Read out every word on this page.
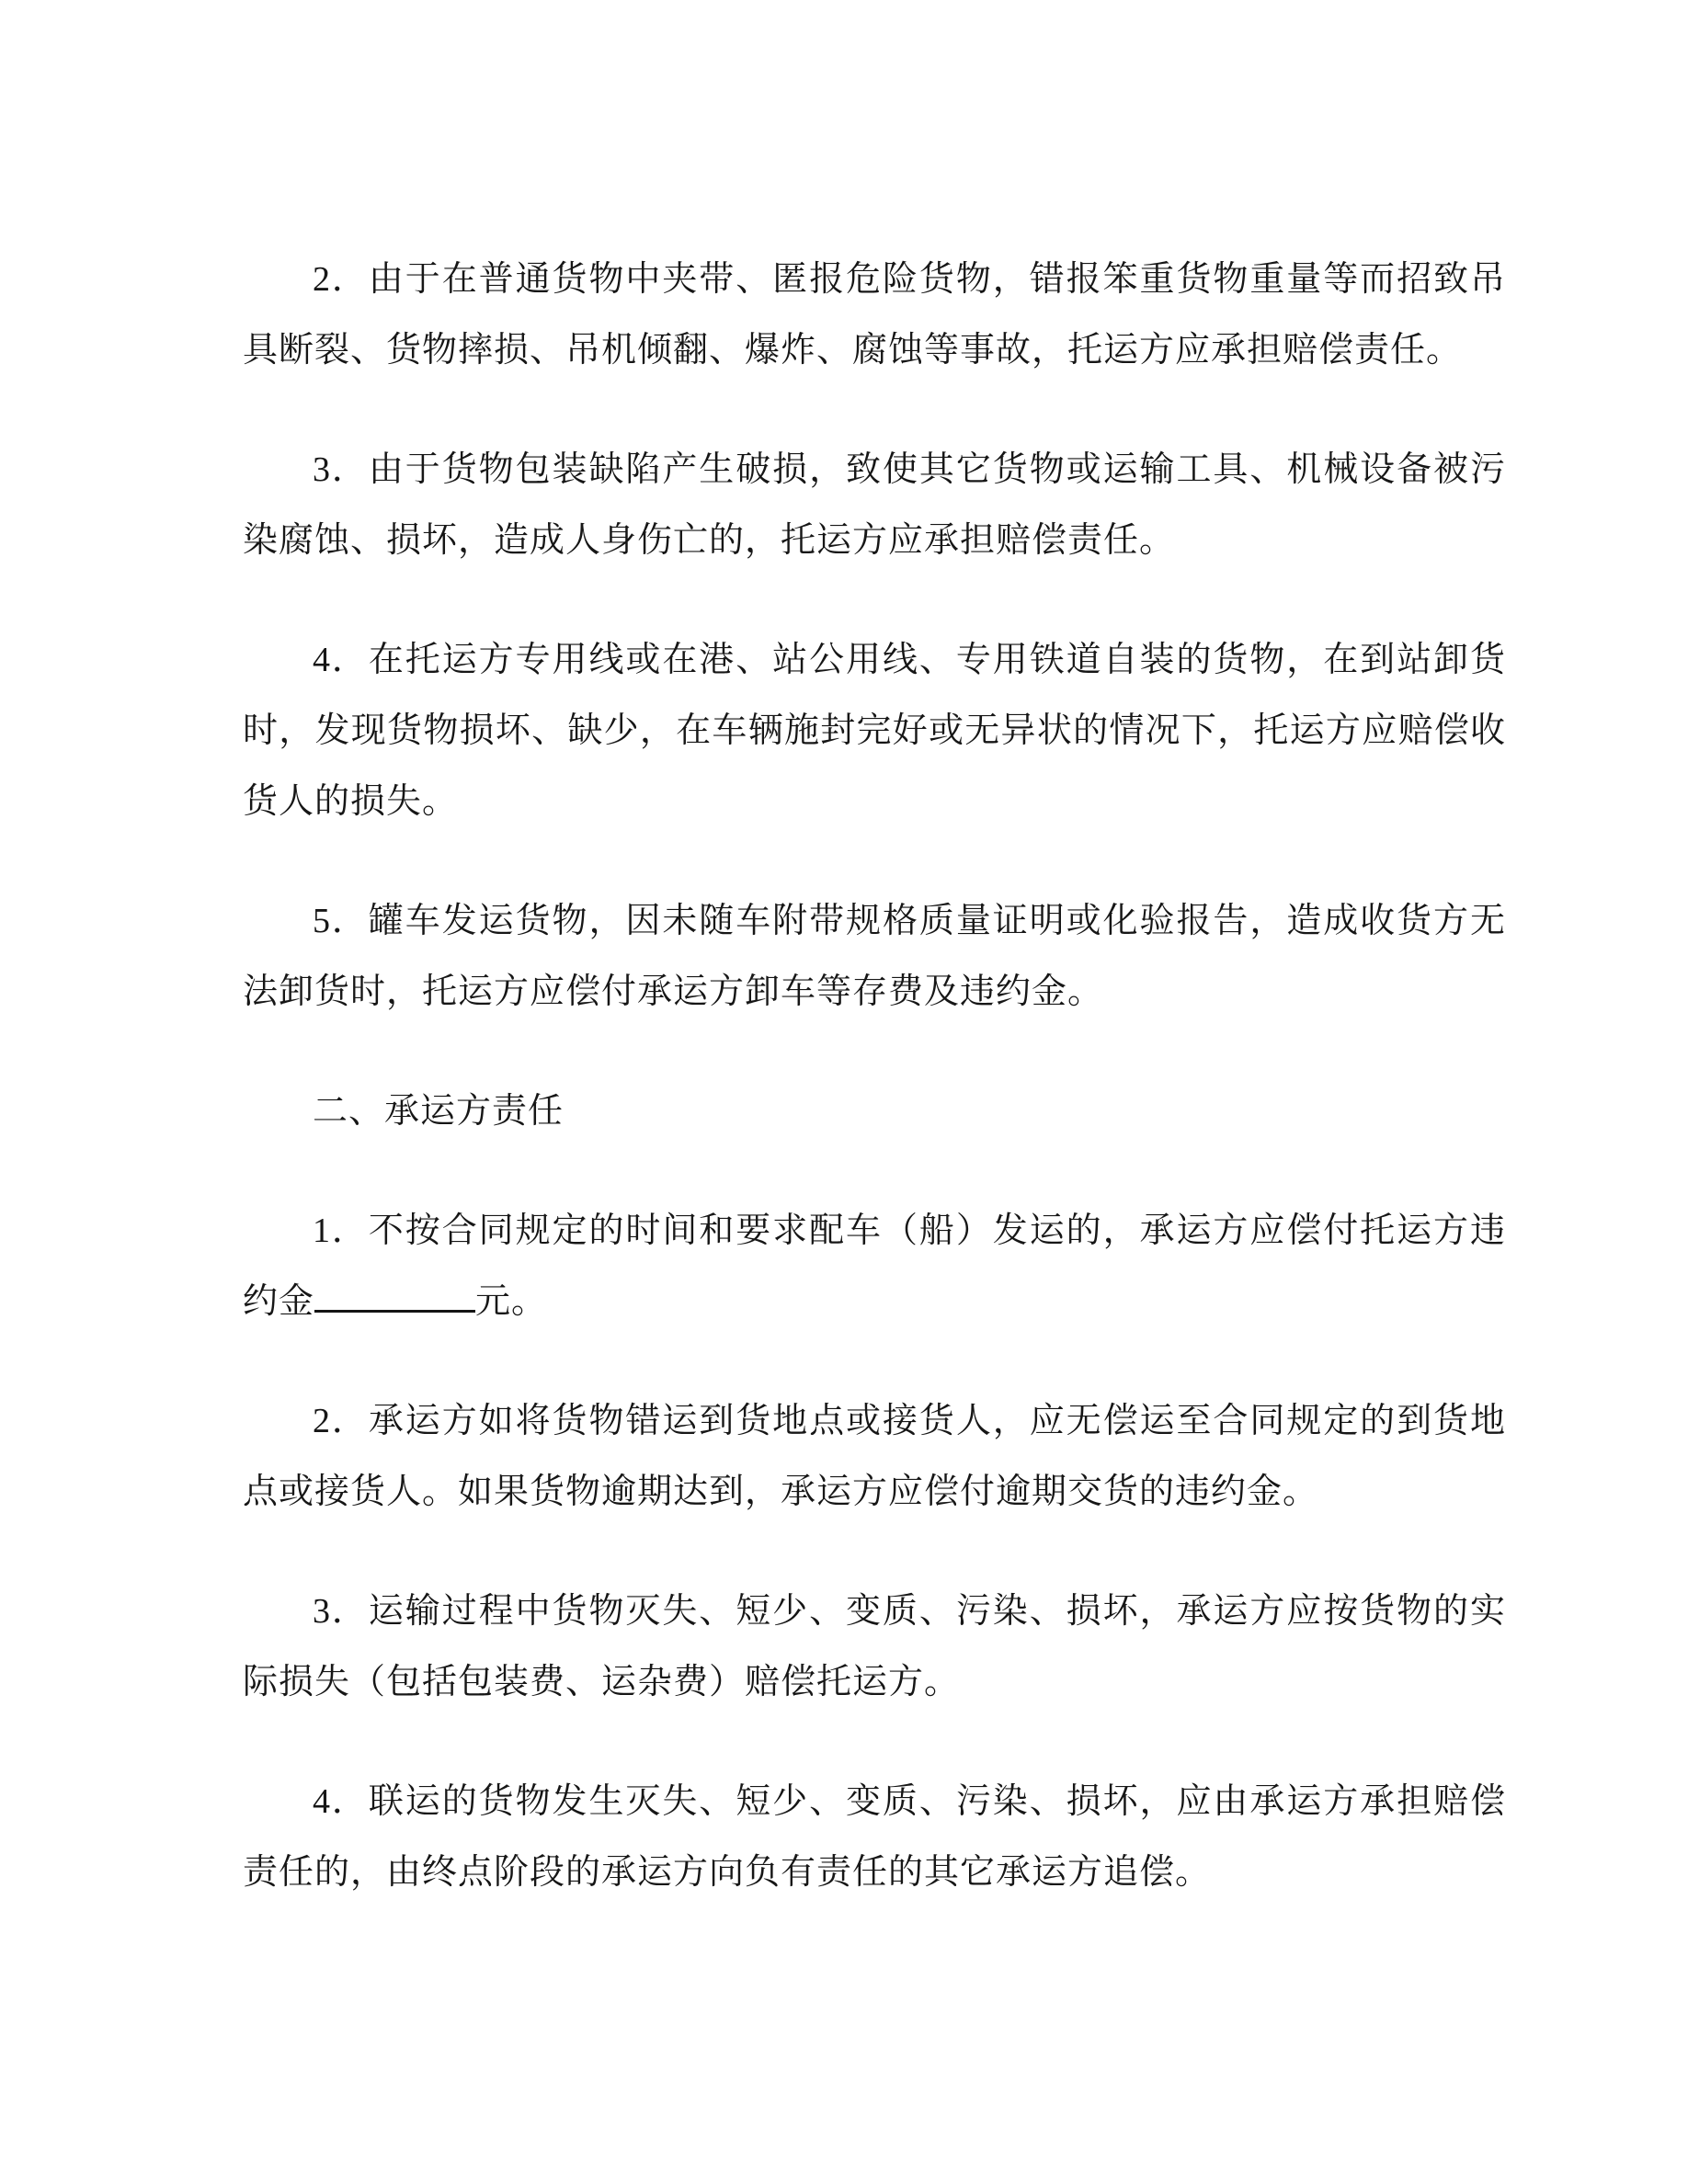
2．由于在普通货物中夹带、匿报危险货物，错报笨重货物重量等而招致吊具断裂、货物摔损、吊机倾翻、爆炸、腐蚀等事故，托运方应承担赔偿责任。

3．由于货物包装缺陷产生破损，致使其它货物或运输工具、机械设备被污染腐蚀、损坏，造成人身伤亡的，托运方应承担赔偿责任。

4．在托运方专用线或在港、站公用线、专用铁道自装的货物，在到站卸货时，发现货物损坏、缺少，在车辆施封完好或无异状的情况下，托运方应赔偿收货人的损失。

5．罐车发运货物，因未随车附带规格质量证明或化验报告，造成收货方无法卸货时，托运方应偿付承运方卸车等存费及违约金。

二、承运方责任

1．不按合同规定的时间和要求配车（船）发运的，承运方应偿付托运方违约金	元。

2．承运方如将货物错运到货地点或接货人，应无偿运至合同规定的到货地点或接货人。如果货物逾期达到，承运方应偿付逾期交货的违约金。

3．运输过程中货物灭失、短少、变质、污染、损坏，承运方应按货物的实际损失（包括包装费、运杂费）赔偿托运方。

4．联运的货物发生灭失、短少、变质、污染、损坏，应由承运方承担赔偿责任的，由终点阶段的承运方向负有责任的其它承运方追偿。
